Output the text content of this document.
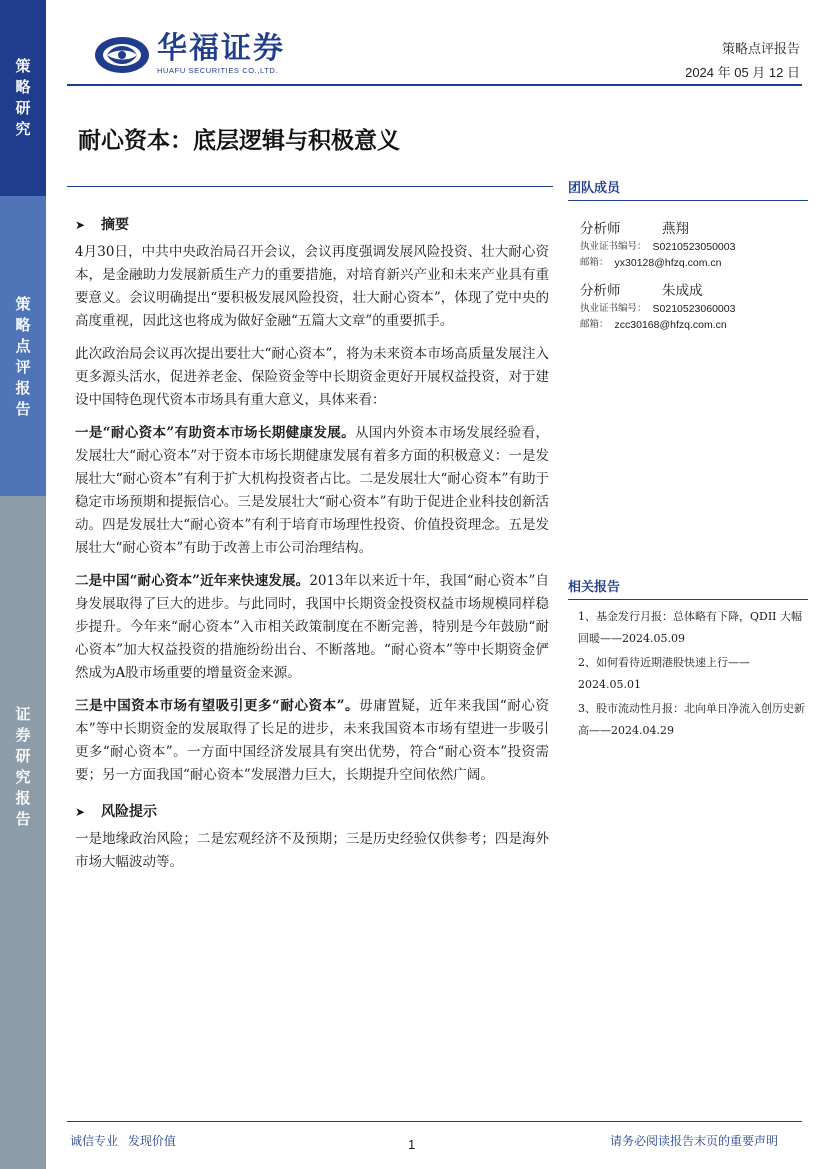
策略研究
策略点评报告
证券研究报告
华福证券
HUAFU SECURITIES CO.,LTD.
策略点评报告
2024 年 05 月 12 日
耐心资本：底层逻辑与积极意义
➤	摘要

4月30日，中共中央政治局召开会议，会议再度强调发展风险投资、壮大耐心资本，是金融助力发展新质生产力的重要措施，对培育新兴产业和未来产业具有重要意义。会议明确提出“要积极发展风险投资，壮大耐心资本”，体现了党中央的高度重视，因此这也将成为做好金融“五篇大文章”的重要抓手。

此次政治局会议再次提出要壮大“耐心资本”，将为未来资本市场高质量发展注入更多源头活水，促进养老金、保险资金等中长期资金更好开展权益投资，对于建设中国特色现代资本市场具有重大意义，具体来看：

一是“耐心资本”有助资本市场长期健康发展。从国内外资本市场发展经验看，发展壮大“耐心资本”对于资本市场长期健康发展有着多方面的积极意义：一是发展壮大“耐心资本”有利于扩大机构投资者占比。二是发展壮大“耐心资本”有助于稳定市场预期和提振信心。三是发展壮大“耐心资本”有助于促进企业科技创新活动。四是发展壮大“耐心资本”有利于培育市场理性投资、价值投资理念。五是发展壮大“耐心资本”有助于改善上市公司治理结构。

二是中国“耐心资本”近年来快速发展。2013年以来近十年，我国“耐心资本”自身发展取得了巨大的进步。与此同时，我国中长期资金投资权益市场规模同样稳步提升。今年来“耐心资本”入市相关政策制度在不断完善，特别是今年鼓励“耐心资本”加大权益投资的措施纷纷出台、不断落地。“耐心资本”等中长期资金俨然成为A股市场重要的增量资金来源。

三是中国资本市场有望吸引更多“耐心资本”。毋庸置疑，近年来我国“耐心资本”等中长期资金的发展取得了长足的进步，未来我国资本市场有望进一步吸引更多“耐心资本”。一方面中国经济发展具有突出优势，符合“耐心资本”投资需要；另一方面我国“耐心资本”发展潜力巨大，长期提升空间依然广阔。

➤	风险提示

一是地缘政治风险；二是宏观经济不及预期；三是历史经验仅供参考；四是海外市场大幅波动等。

团队成员
分析师	燕翔
执业证书编号： S0210523050003
邮箱： yx30128@hfzq.com.cn
分析师	朱成成
执业证书编号： S0210523060003
邮箱： zcc30168@hfzq.com.cn
相关报告
1、基金发行月报：总体略有下降，QDII 大幅回暖——2024.05.09
2、如何看待近期港股快速上行——2024.05.01
3、股市流动性月报：北向单日净流入创历史新高——2024.04.29
诚信专业 发现价值	1	请务必阅读报告末页的重要声明
